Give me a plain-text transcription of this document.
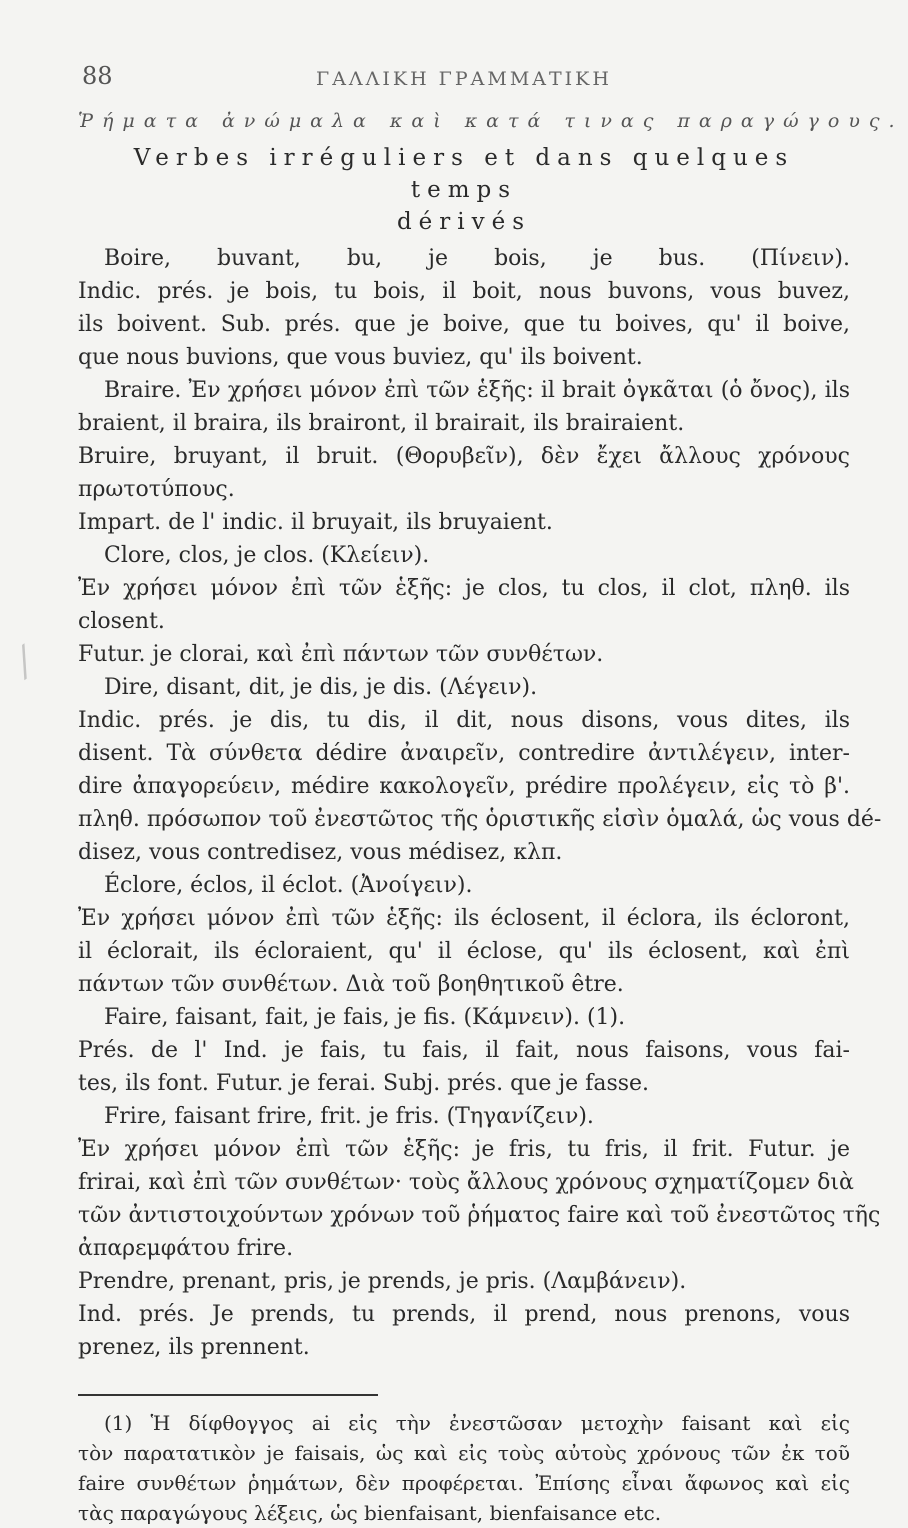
88	ΓΑΛΛΙΚΗ ΓΡΑΜΜΑΤΙΚΗ
Ῥήματα ἀνώμαλα καὶ κατά τινας παραγώγους.
Verbes irréguliers et dans quelques temps
dérivés
Boire, buvant, bu, je bois, je bus. (Πίνειν).
Indic. prés. je bois, tu bois, il boit, nous buvons, vous buvez,
ils boivent. Sub. prés. que je boive, que tu boives, qu' il boive,
que nous buvions, que vous buviez, qu' ils boivent.
Braire. Ἐν χρήσει μόνον ἐπὶ τῶν ἑξῆς: il brait ὀγκᾶται (ὁ ὄνος), ils
braient, il braira, ils brairont, il brairait, ils brairaient.
Bruire, bruyant, il bruit. (Θορυβεῖν), δὲν ἔχει ἄλλους χρόνους
πρωτοτύπους.
Impart. de l' indic. il bruyait, ils bruyaient.
Clore, clos, je clos. (Κλείειν).
Ἐν χρήσει μόνον ἐπὶ τῶν ἑξῆς: je clos, tu clos, il clot, πληθ. ils
closent.
Futur. je clorai, καὶ ἐπὶ πάντων τῶν συνθέτων.
Dire, disant, dit, je dis, je dis. (Λέγειν).
Indic. prés. je dis, tu dis, il dit, nous disons, vous dites, ils
disent. Τὰ σύνθετα dédire ἀναιρεῖν, contredire ἀντιλέγειν, inter-
dire ἀπαγορεύειν, médire κακολογεῖν, prédire προλέγειν, εἰς τὸ β'.
πληθ. πρόσωπον τοῦ ἐνεστῶτος τῆς ὁριστικῆς εἰσὶν ὁμαλά, ὡς vous dé-
disez, vous contredisez, vous médisez, κλπ.
Éclore, éclos, il éclot. (Ἀνοίγειν).
Ἐν χρήσει μόνον ἐπὶ τῶν ἑξῆς: ils éclosent, il éclora, ils écloront,
il éclorait, ils écloraient, qu' il éclose, qu' ils éclosent, καὶ ἐπὶ
πάντων τῶν συνθέτων. Διὰ τοῦ βοηθητικοῦ être.
Faire, faisant, fait, je fais, je fis. (Κάμνειν). (1).
Prés. de l' Ind. je fais, tu fais, il fait, nous faisons, vous fai-
tes, ils font. Futur. je ferai. Subj. prés. que je fasse.
Frire, faisant frire, frit. je fris. (Τηγανίζειν).
Ἐν χρήσει μόνον ἐπὶ τῶν ἑξῆς: je fris, tu fris, il frit. Futur. je
frirai, καὶ ἐπὶ τῶν συνθέτων· τοὺς ἄλλους χρόνους σχηματίζομεν διὰ
τῶν ἀντιστοιχούντων χρόνων τοῦ ῥήματος faire καὶ τοῦ ἐνεστῶτος τῆς
ἀπαρεμφάτου frire.
Prendre, prenant, pris, je prends, je pris. (Λαμβάνειν).
Ind. prés. Je prends, tu prends, il prend, nous prenons, vous
prenez, ils prennent.
(1) Ἡ δίφθογγος ai εἰς τὴν ἐνεστῶσαν μετοχὴν faisant καὶ εἰς
τὸν παρατατικὸν je faisais, ὡς καὶ εἰς τοὺς αὐτοὺς χρόνους τῶν ἐκ τοῦ
faire συνθέτων ῥημάτων, δὲν προφέρεται. Ἐπίσης εἶναι ἄφωνος καὶ εἰς
τὰς παραγώγους λέξεις, ὡς bienfaisant, bienfaisance etc.
⁄
